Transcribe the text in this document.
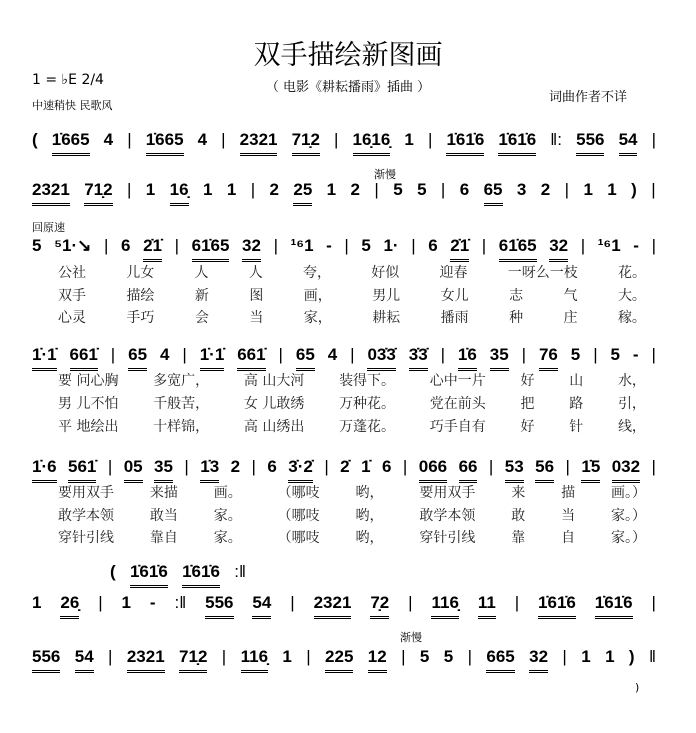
双手描绘新图画
（ 电影《耕耘播雨》插曲 ）
1 = ♭E 2/4
中速稍快 民歌风
词曲作者不详
渐慢
回原速
渐慢
)
( 1̇665 4 | 1̇665 4 | 2321 71̣2 | 16̣16̣ 1 | 1̇61̇6 1̇61̇6 ‖: 556 54 |
2321 71̣2 | 1 16̣ 1 1 | 2 25 1 2 | 5 5 | 6 65 3 2 | 1 1 ) |
5 ⁵1·↘ | 6 2̇1̇ | 61̇65 32 | ¹⁶1 - | 5 1· | 6 2̇1̇ | 61̇65 32 | ¹⁶1 - |
1̇·1̇ 661̇ | 65 4 | 1̇·1̇ 661̇ | 65 4 | 03̇3̇ 3̇3̇ | 1̇6 35 | 76 5 | 5 - |
1̇·6 561̇ | 05 35 | 1̇3 2 | 6 3̇·2̇ | 2̇ 1̇ 6 | 066 66 | 53 56 | 1̇5 032 |
1 26̣ | 1 - :‖ 556 54 | 2321 7̣2 | 116̣ 11 | 1̇61̇6 1̇61̇6 |
556 54 | 2321 71̣2 | 116̣ 1 | 225 12 | 5 5 | 665 32 | 1 1 ) ‖
( 1̇61̇6 1̇61̇6 :‖
公社	儿女	人	人	夸，	好似	迎春	一呀么一枝	花。
双手	描绘	新	图	画，	男儿	女儿	志	气	大。
心灵	手巧	会	当	家，	耕耘	播雨	种	庄	稼。
要 问心胸 多宽广， 高 山大河 装得下。 心中一片 好 山 水，
男 儿不怕 千般苦， 女 儿敢绣 万种花。 党在前头 把 路 引，
平 地绘出 十样锦， 高 山绣出 万蓬花。 巧手自有 好 针 线，
要用双手	来描	画。	（哪吱	哟，	要用双手	来	描	画。）
敢学本领	敢当	家。	（哪吱	哟，	敢学本领	敢	当	家。）
穿针引线	靠自	家。	（哪吱	哟，	穿针引线	靠	自	家。）
